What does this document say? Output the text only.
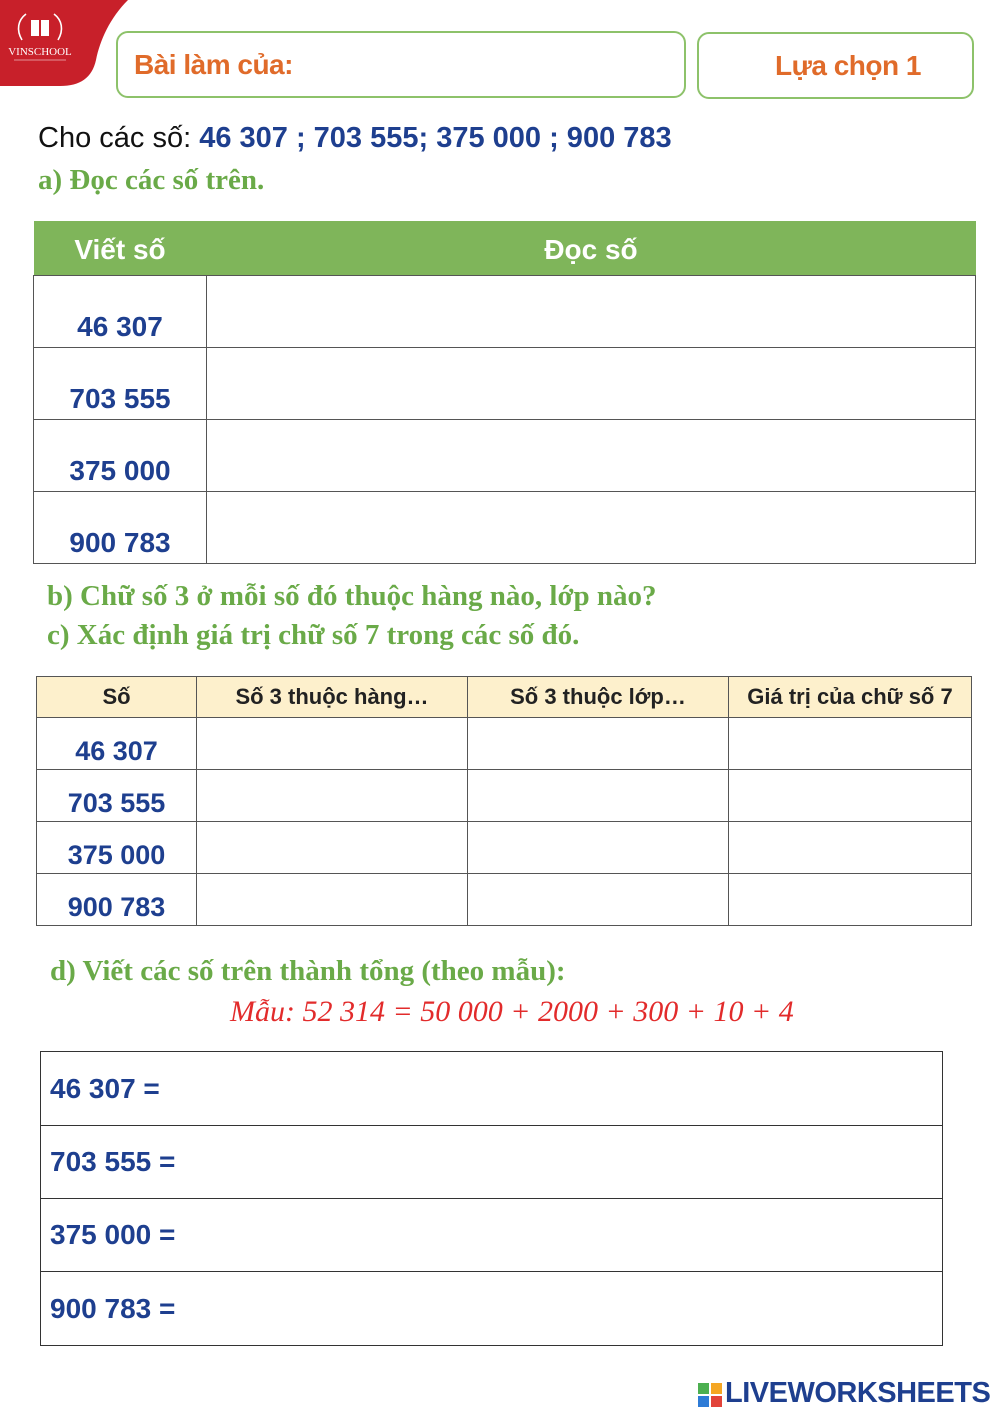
VINSCHOOL Bài làm của:	Lựa chọn 1
Cho các số: 46 307 ; 703 555; 375 000 ; 900 783
a) Đọc các số trên.
Viết số	Đọc số
46 307	
703 555	
375 000	
900 783	
b) Chữ số 3 ở mỗi số đó thuộc hàng nào, lớp nào?
c) Xác định giá trị chữ số 7 trong các số đó.
Số	Số 3 thuộc hàng…	Số 3 thuộc lớp…	Giá trị của chữ số 7
46 307			
703 555			
375 000			
900 783			
d) Viết các số trên thành tổng (theo mẫu):
Mẫu: 52 314 = 50 000 + 2000 + 300 + 10 + 4
46 307 =
703 555 =
375 000 =
900 783 =
LIVEWORKSHEETS
